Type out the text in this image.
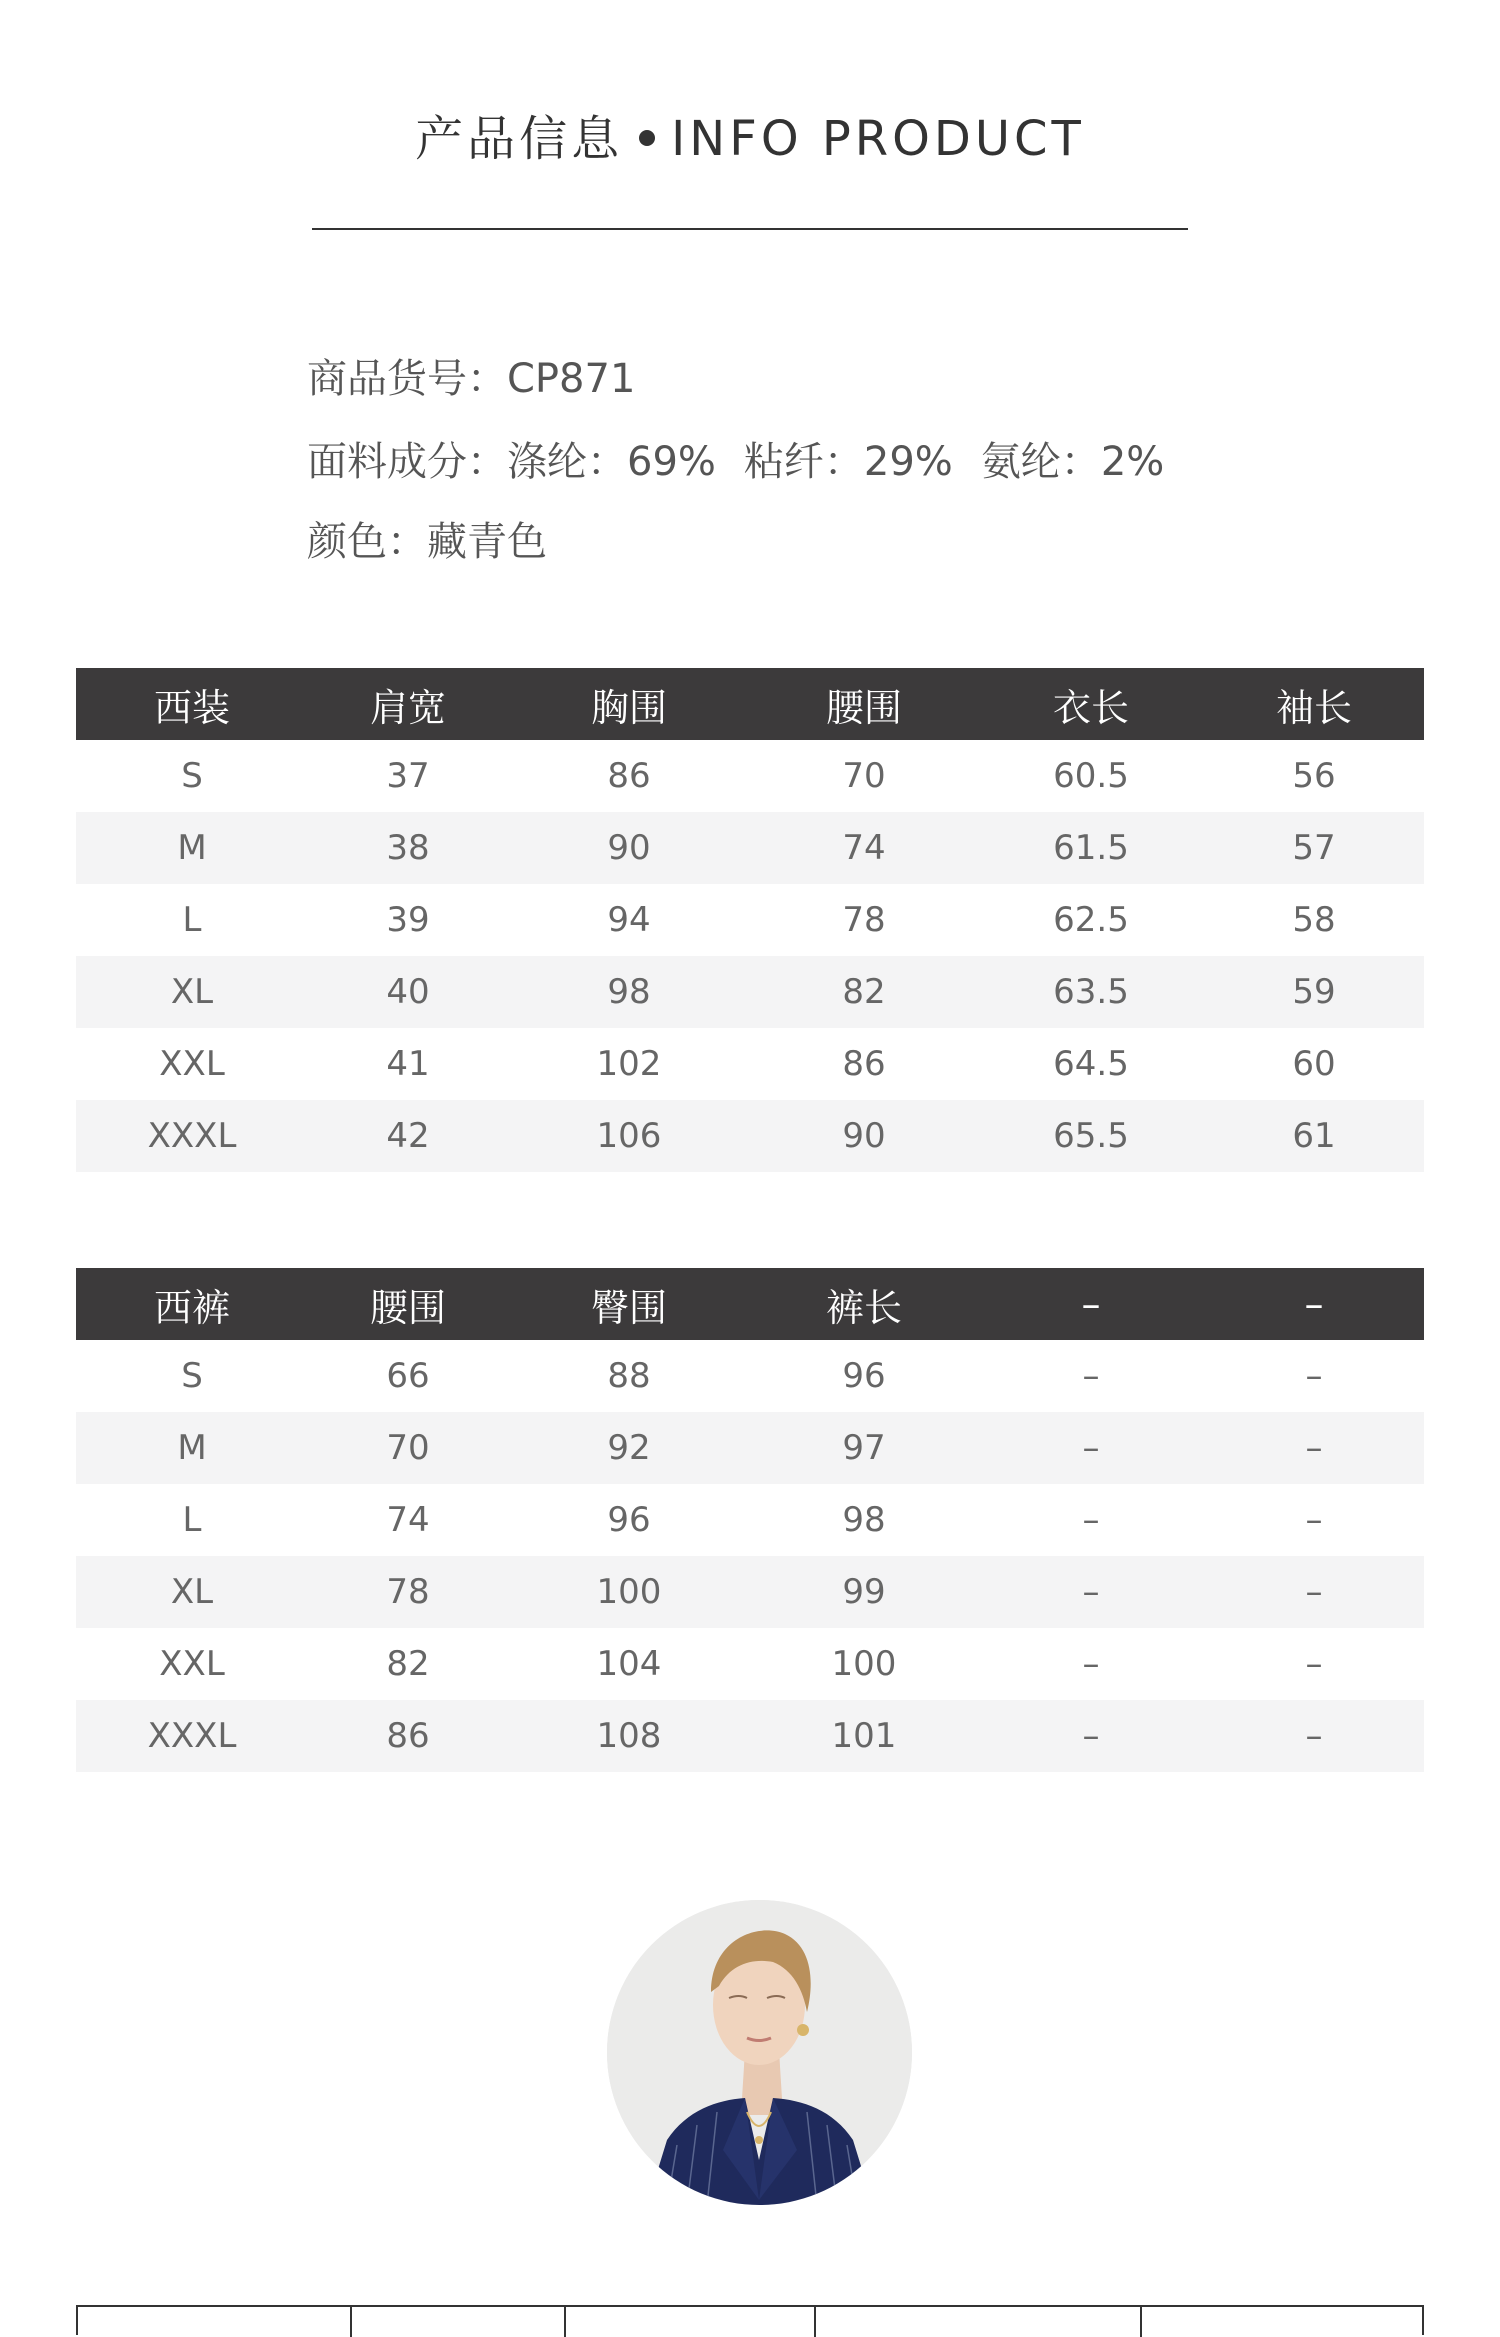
产品信息 INFO PRODUCT
商品货号：CP871
面料成分：涤纶：69% 粘纤：29% 氨纶：2%
颜色：藏青色
西装	肩宽	胸围	腰围	衣长	袖长
S	37	86	70	60.5	56
M	38	90	74	61.5	57
L	39	94	78	62.5	58
XL	40	98	82	63.5	59
XXL	41	102	86	64.5	60
XXXL	42	106	90	65.5	61
西裤	腰围	臀围	裤长	–	–
S	66	88	96	–	–
M	70	92	97	–	–
L	74	96	98	–	–
XL	78	100	99	–	–
XXL	82	104	100	–	–
XXXL	86	108	101	–	–
